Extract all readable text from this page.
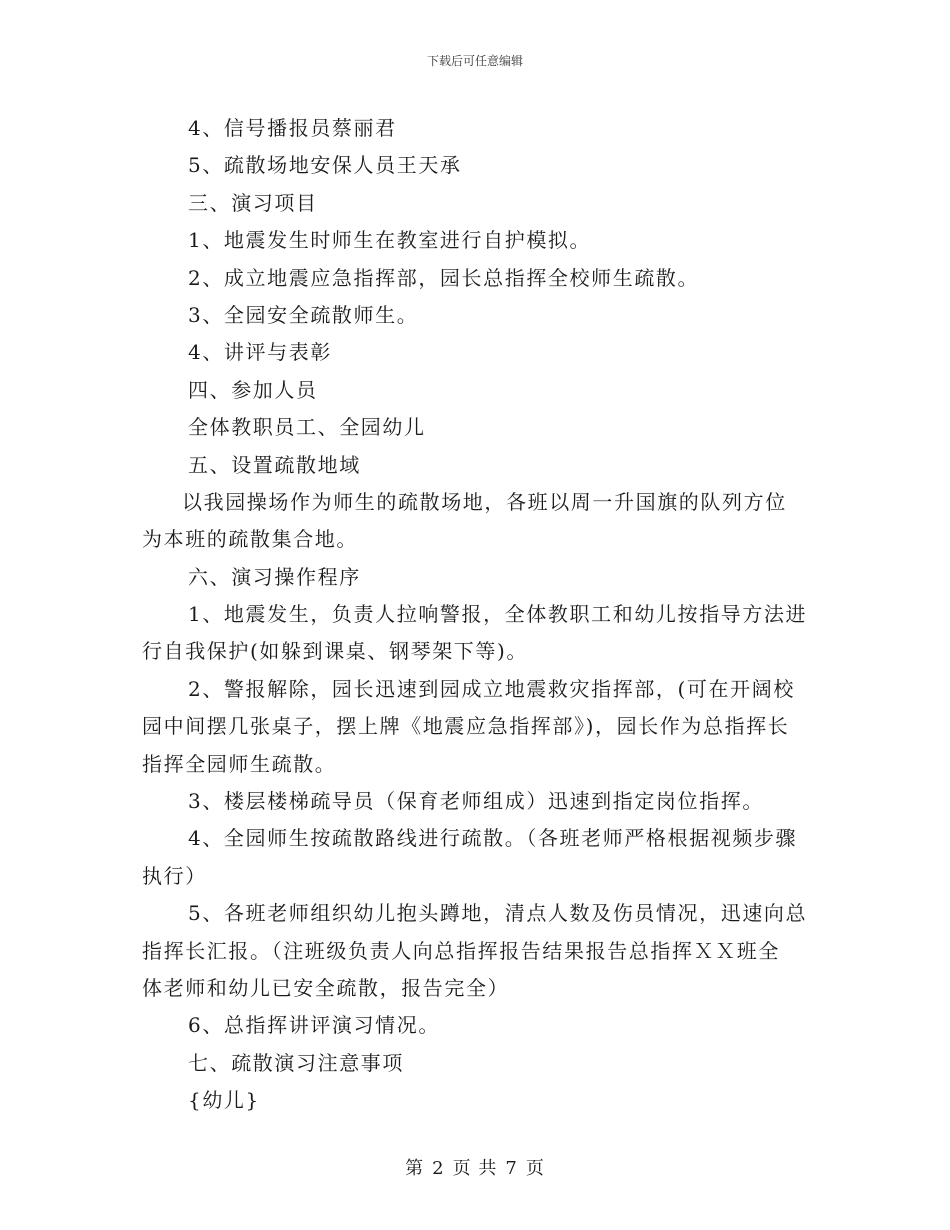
下载后可任意编辑
4、信号播报员蔡丽君
5、疏散场地安保人员王天承
三、演习项目
1、地震发生时师生在教室进行自护模拟。
2、成立地震应急指挥部，园长总指挥全校师生疏散。
3、全园安全疏散师生。
4、讲评与表彰
四、参加人员
全体教职员工、全园幼儿
五、设置疏散地域
以我园操场作为师生的疏散场地，各班以周一升国旗的队列方位
为本班的疏散集合地。
六、演习操作程序
1、地震发生，负责人拉响警报，全体教职工和幼儿按指导方法进
行自我保护(如躲到课桌、钢琴架下等)。
2、警报解除，园长迅速到园成立地震救灾指挥部，(可在开阔校
园中间摆几张桌子，摆上牌《地震应急指挥部》)，园长作为总指挥长
指挥全园师生疏散。
3、楼层楼梯疏导员（保育老师组成）迅速到指定岗位指挥。
4、全园师生按疏散路线进行疏散。（各班老师严格根据视频步骤
执行）
5、各班老师组织幼儿抱头蹲地，清点人数及伤员情况，迅速向总
指挥长汇报。（注班级负责人向总指挥报告结果报告总指挥ＸＸ班全
体老师和幼儿已安全疏散，报告完全）
6、总指挥讲评演习情况。
七、疏散演习注意事项
{幼儿}
第 2 页 共 7 页
